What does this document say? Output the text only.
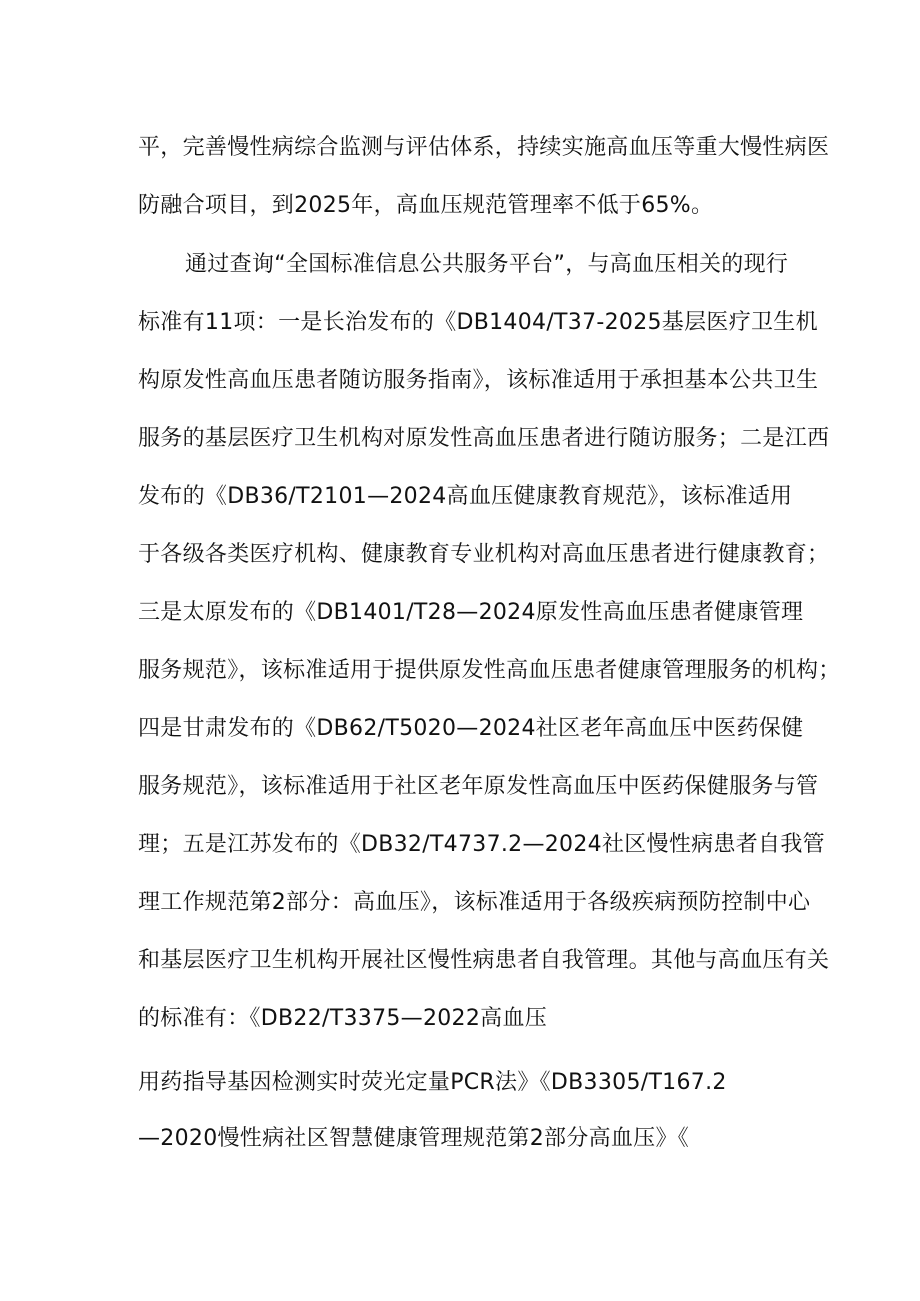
平，完善慢性病综合监测与评估体系，持续实施高血压等重大慢性病医
防融合项目，到2025年，高血压规范管理率不低于65%。
通过查询“全国标准信息公共服务平台”，与高血压相关的现行
标准有11项：一是长治发布的《DB1404/T37-2025基层医疗卫生机
构原发性高血压患者随访服务指南》，该标准适用于承担基本公共卫生
服务的基层医疗卫生机构对原发性高血压患者进行随访服务；二是江西
发布的《DB36/T2101—2024高血压健康教育规范》，该标准适用
于各级各类医疗机构、健康教育专业机构对高血压患者进行健康教育；
三是太原发布的《DB1401/T28—2024原发性高血压患者健康管理
服务规范》，该标准适用于提供原发性高血压患者健康管理服务的机构；
四是甘肃发布的《DB62/T5020—2024社区老年高血压中医药保健
服务规范》，该标准适用于社区老年原发性高血压中医药保健服务与管
理；五是江苏发布的《DB32/T4737.2—2024社区慢性病患者自我管
理工作规范第2部分：高血压》，该标准适用于各级疾病预防控制中心
和基层医疗卫生机构开展社区慢性病患者自我管理。其他与高血压有关
的标准有：《DB22/T3375—2022高血压
用药指导基因检测实时荧光定量PCR法》《DB3305/T167.2
—2020慢性病社区智慧健康管理规范第2部分高血压》《
